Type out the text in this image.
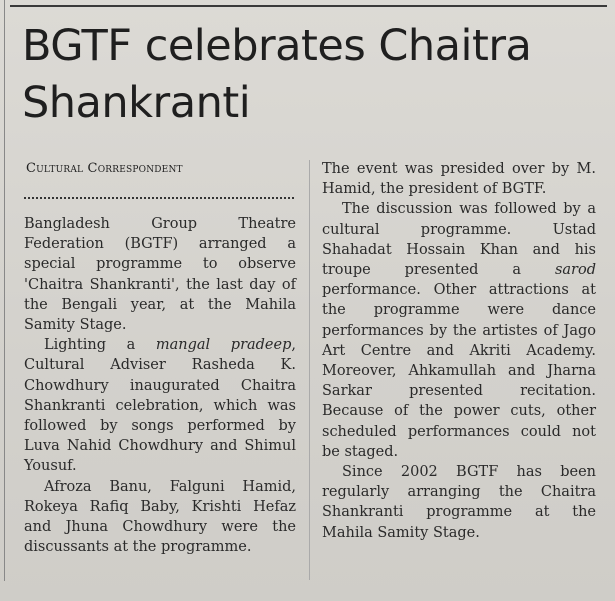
BGTF celebrates Chaitra Shankranti
Cultural Correspondent

Bangladesh Group Theatre Federation (BGTF) arranged a special programme to observe 'Chaitra Shankranti', the last day of the Bengali year, at the Mahila Samity Stage.

Lighting a mangal pradeep, Cultural Adviser Rasheda K. Chowdhury inaugurated Chaitra Shankranti celebration, which was followed by songs performed by Luva Nahid Chowdhury and Shimul Yousuf.

Afroza Banu, Falguni Hamid, Rokeya Rafiq Baby, Krishti Hefaz and Jhuna Chowdhury were the discussants at the programme.

The event was presided over by M. Hamid, the president of BGTF.

The discussion was followed by a cultural programme. Ustad Shahadat Hossain Khan and his troupe presented a sarod performance. Other attractions at the programme were dance performances by the artistes of Jago Art Centre and Akriti Academy. Moreover, Ahkamullah and Jharna Sarkar presented recitation. Because of the power cuts, other scheduled performances could not be staged.

Since 2002 BGTF has been regularly arranging the Chaitra Shankranti programme at the Mahila Samity Stage.
